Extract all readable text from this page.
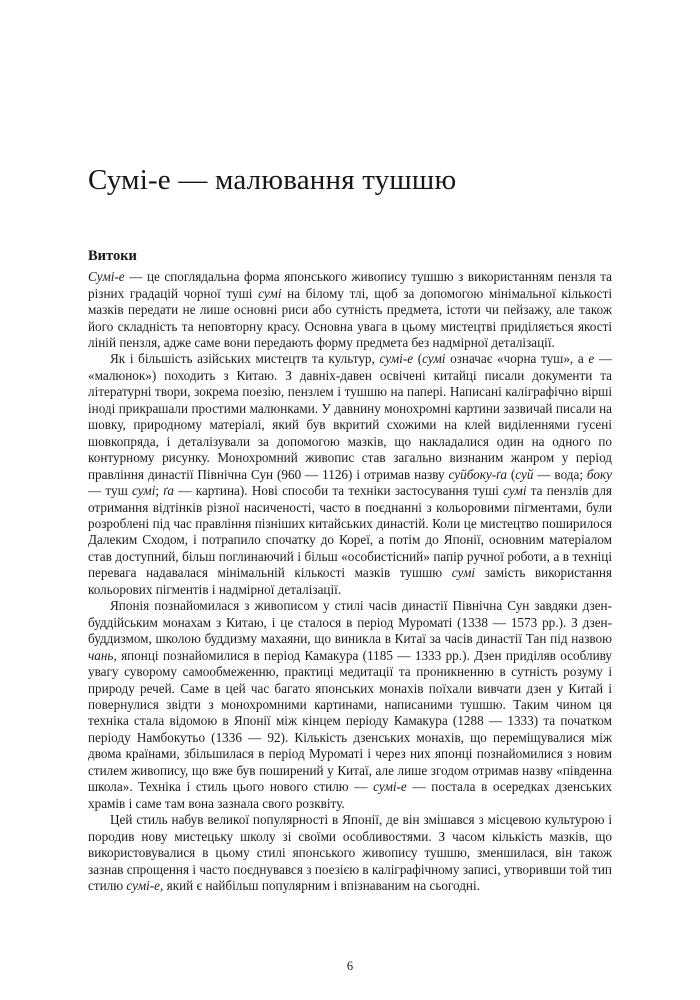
Сумі-е — малювання тушшю
Витоки

Сумі-е — це споглядальна форма японського живопису тушшю з використанням пензля та різних градацій чорної туші сумі на білому тлі, щоб за допомогою мінімальної кількості мазків передати не лише основні риси або сутність предмета, істоти чи пейзажу, але також його складність та неповторну красу. Основна увага в цьому мистецтві приділяється якості ліній пензля, адже саме вони передають форму предмета без надмірної деталізації.

Як і більшість азійських мистецтв та культур, сумі-е (сумі означає «чорна туш», а е — «малюнок») походить з Китаю. З давніх-давен освічені китайці писали документи та літературні твори, зокрема поезію, пензлем і тушшю на папері. Написані каліграфічно вірші іноді прикрашали простими малюнками. У давнину монохромні картини зазвичай писали на шовку, природному матеріалі, який був вкритий схожими на клей виділеннями гусені шовкопряда, і деталізували за допомогою мазків, що накладалися один на одного по контурному рисунку. Монохромний живопис став загально визнаним жанром у період правління династії Північна Сун (960 — 1126) і отримав назву суйбоку-ґа (суй — вода; боку — туш сумі; ґа — картина). Нові способи та техніки застосування туші сумі та пензлів для отримання відтінків різної насиченості, часто в поєднанні з кольоровими пігментами, були розроблені під час правління пізніших китайських династій. Коли це мистецтво поширилося Далеким Сходом, і потрапило спочатку до Кореї, а потім до Японії, основним матеріалом став доступний, більш поглинаючий і більш «особистісний» папір ручної роботи, а в техніці перевага надавалася мінімальній кількості мазків тушшю сумі замість використання кольорових пігментів і надмірної деталізації.

Японія познайомилася з живописом у стилі часів династії Північна Сун завдяки дзен-буддійським монахам з Китаю, і це сталося в період Муроматі (1338 — 1573 рр.). З дзен-буддизмом, школою буддизму махаяни, що виникла в Китаї за часів династії Тан під назвою чань, японці познайомилися в період Камакура (1185 — 1333 рр.). Дзен приділяв особливу увагу суворому самообмеженню, практиці медитації та проникненню в сутність розуму і природу речей. Саме в цей час багато японських монахів поїхали вивчати дзен у Китай і повернулися звідти з монохромними картинами, написаними тушшю. Таким чином ця техніка стала відомою в Японії між кінцем періоду Камакура (1288 — 1333) та початком періоду Намбокутьо (1336 — 92). Кількість дзенських монахів, що переміщувалися між двома країнами, збільшилася в період Муроматі і через них японці познайомилися з новим стилем живопису, що вже був поширений у Китаї, але лише згодом отримав назву «південна школа». Техніка і стиль цього нового стилю — сумі-е — постала в осередках дзенських храмів і саме там вона зазнала свого розквіту.

Цей стиль набув великої популярності в Японії, де він змішався з місцевою культурою і породив нову мистецьку школу зі своїми особливостями. З часом кількість мазків, що використовувалися в цьому стилі японського живопису тушшю, зменшилася, він також зазнав спрощення і часто поєднувався з поезією в каліграфічному записі, утворивши той тип стилю сумі-е, який є найбільш популярним і впізнаваним на сьогодні.

6
